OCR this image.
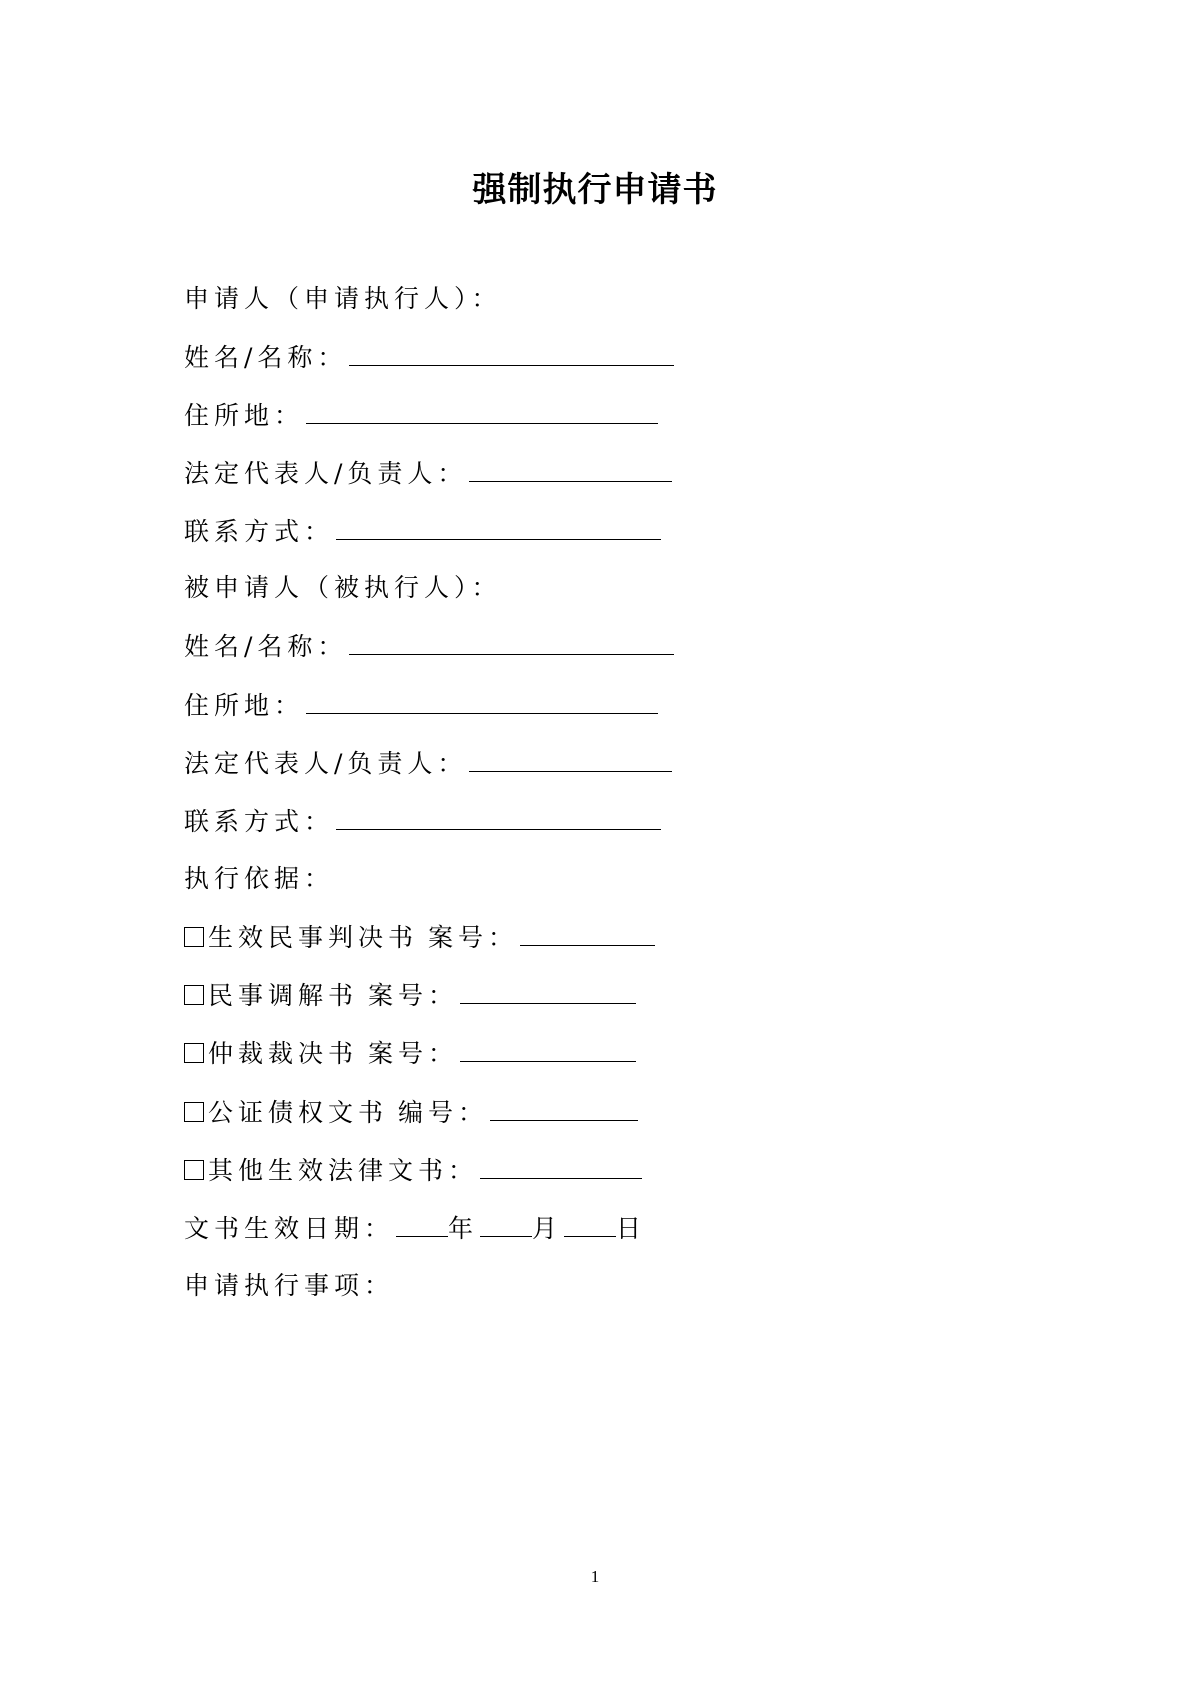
强制执行申请书
申请人（申请执行人）：
姓名/名称：
住所地：
法定代表人/负责人：
联系方式：
被申请人（被执行人）：
姓名/名称：
住所地：
法定代表人/负责人：
联系方式：
执行依据：
生效民事判决书 案号：
民事调解书 案号：
仲裁裁决书 案号：
公证债权文书 编号：
其他生效法律文书：
文书生效日期： 年 月 日
申请执行事项：
1
